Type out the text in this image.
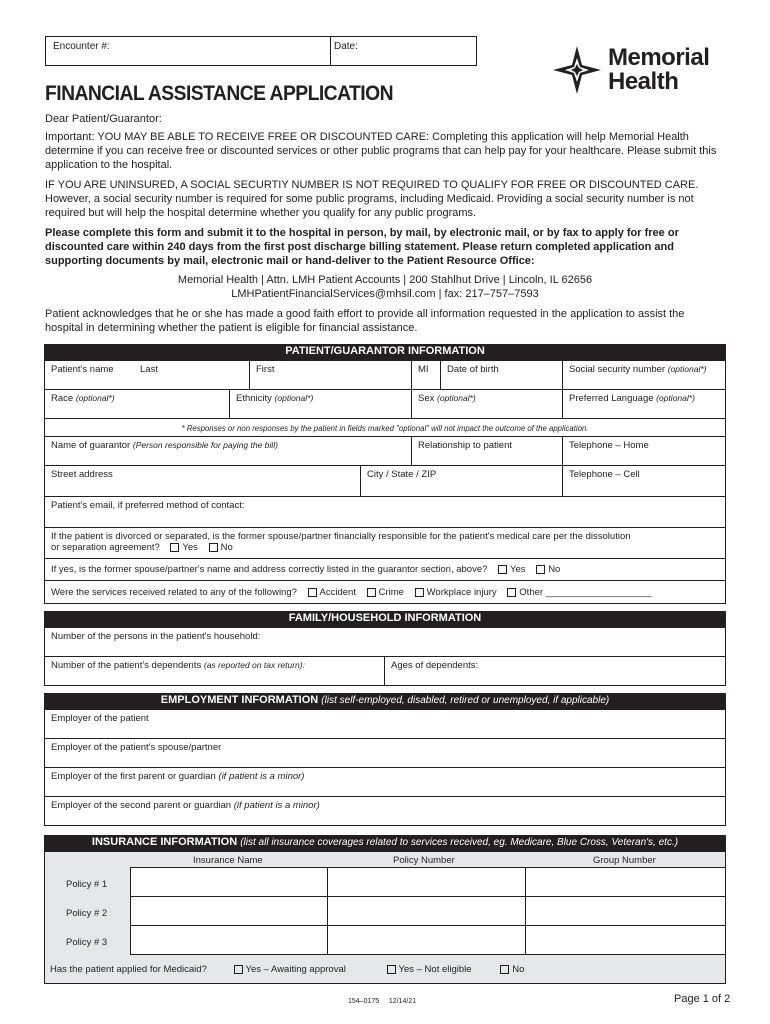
Encounter #:	Date:	Memorial
Health
FINANCIAL ASSISTANCE APPLICATION
Dear Patient/Guarantor:
Important: YOU MAY BE ABLE TO RECEIVE FREE OR DISCOUNTED CARE: Completing this application will help Memorial Health determine if you can receive free or discounted services or other public programs that can help pay for your healthcare. Please submit this application to the hospital.
IF YOU ARE UNINSURED, A SOCIAL SECURTIY NUMBER IS NOT REQUIRED TO QUALIFY FOR FREE OR DISCOUNTED CARE. However, a social security number is required for some public programs, including Medicaid. Providing a social security number is not required but will help the hospital determine whether you qualify for any public programs.
Please complete this form and submit it to the hospital in person, by mail, by electronic mail, or by fax to apply for free or discounted care within 240 days from the first post discharge billing statement. Please return completed application and supporting documents by mail, electronic mail or hand-deliver to the Patient Resource Office:
Memorial Health | Attn. LMH Patient Accounts | 200 Stahlhut Drive | Lincoln, IL 62656
LMHPatientFinancialServices@mhsil.com | fax: 217–757–7593
Patient acknowledges that he or she has made a good faith effort to provide all information requested in the application to assist the hospital in determining whether the patient is eligible for financial assistance.
PATIENT/GUARANTOR INFORMATION
Patient's name	Last	First	MI	Date of birth	Social security number (optional*)
Race (optional*)	Ethnicity (optional*)	Sex (optional*)	Preferred Language (optional*)
* Responses or non responses by the patient in fields marked "optional" will not impact the outcome of the application.
Name of guarantor (Person responsible for paying the bill)	Relationship to patient	Telephone – Home
Street address	City / State / ZIP	Telephone – Cell
Patient's email, if preferred method of contact:
If the patient is divorced or separated, is the former spouse/partner financially responsible for the patient's medical care per the dissolution
or separation agreement? Yes No
If yes, is the former spouse/partner's name and address correctly listed in the guarantor section, above? Yes No
Were the services received related to any of the following? Accident Crime Workplace injury Other ____________________
FAMILY/HOUSEHOLD INFORMATION
Number of the persons in the patient's household:
Number of the patient's dependents (as reported on tax return):	Ages of dependents:
EMPLOYMENT INFORMATION (list self-employed, disabled, retired or unemployed, if applicable)
Employer of the patient
Employer of the patient's spouse/partner
Employer of the first parent or guardian (if patient is a minor)
Employer of the second parent or guardian (if patient is a minor)
INSURANCE INFORMATION (list all insurance coverages related to services received, eg. Medicare, Blue Cross, Veteran's, etc.)
Insurance Name	Policy Number	Group Number
Policy # 1
Policy # 2
Policy # 3
Has the patient applied for Medicaid?	Yes – Awaiting approval	Yes – Not eligible	No
154–0175     12/14/21	Page 1 of 2
